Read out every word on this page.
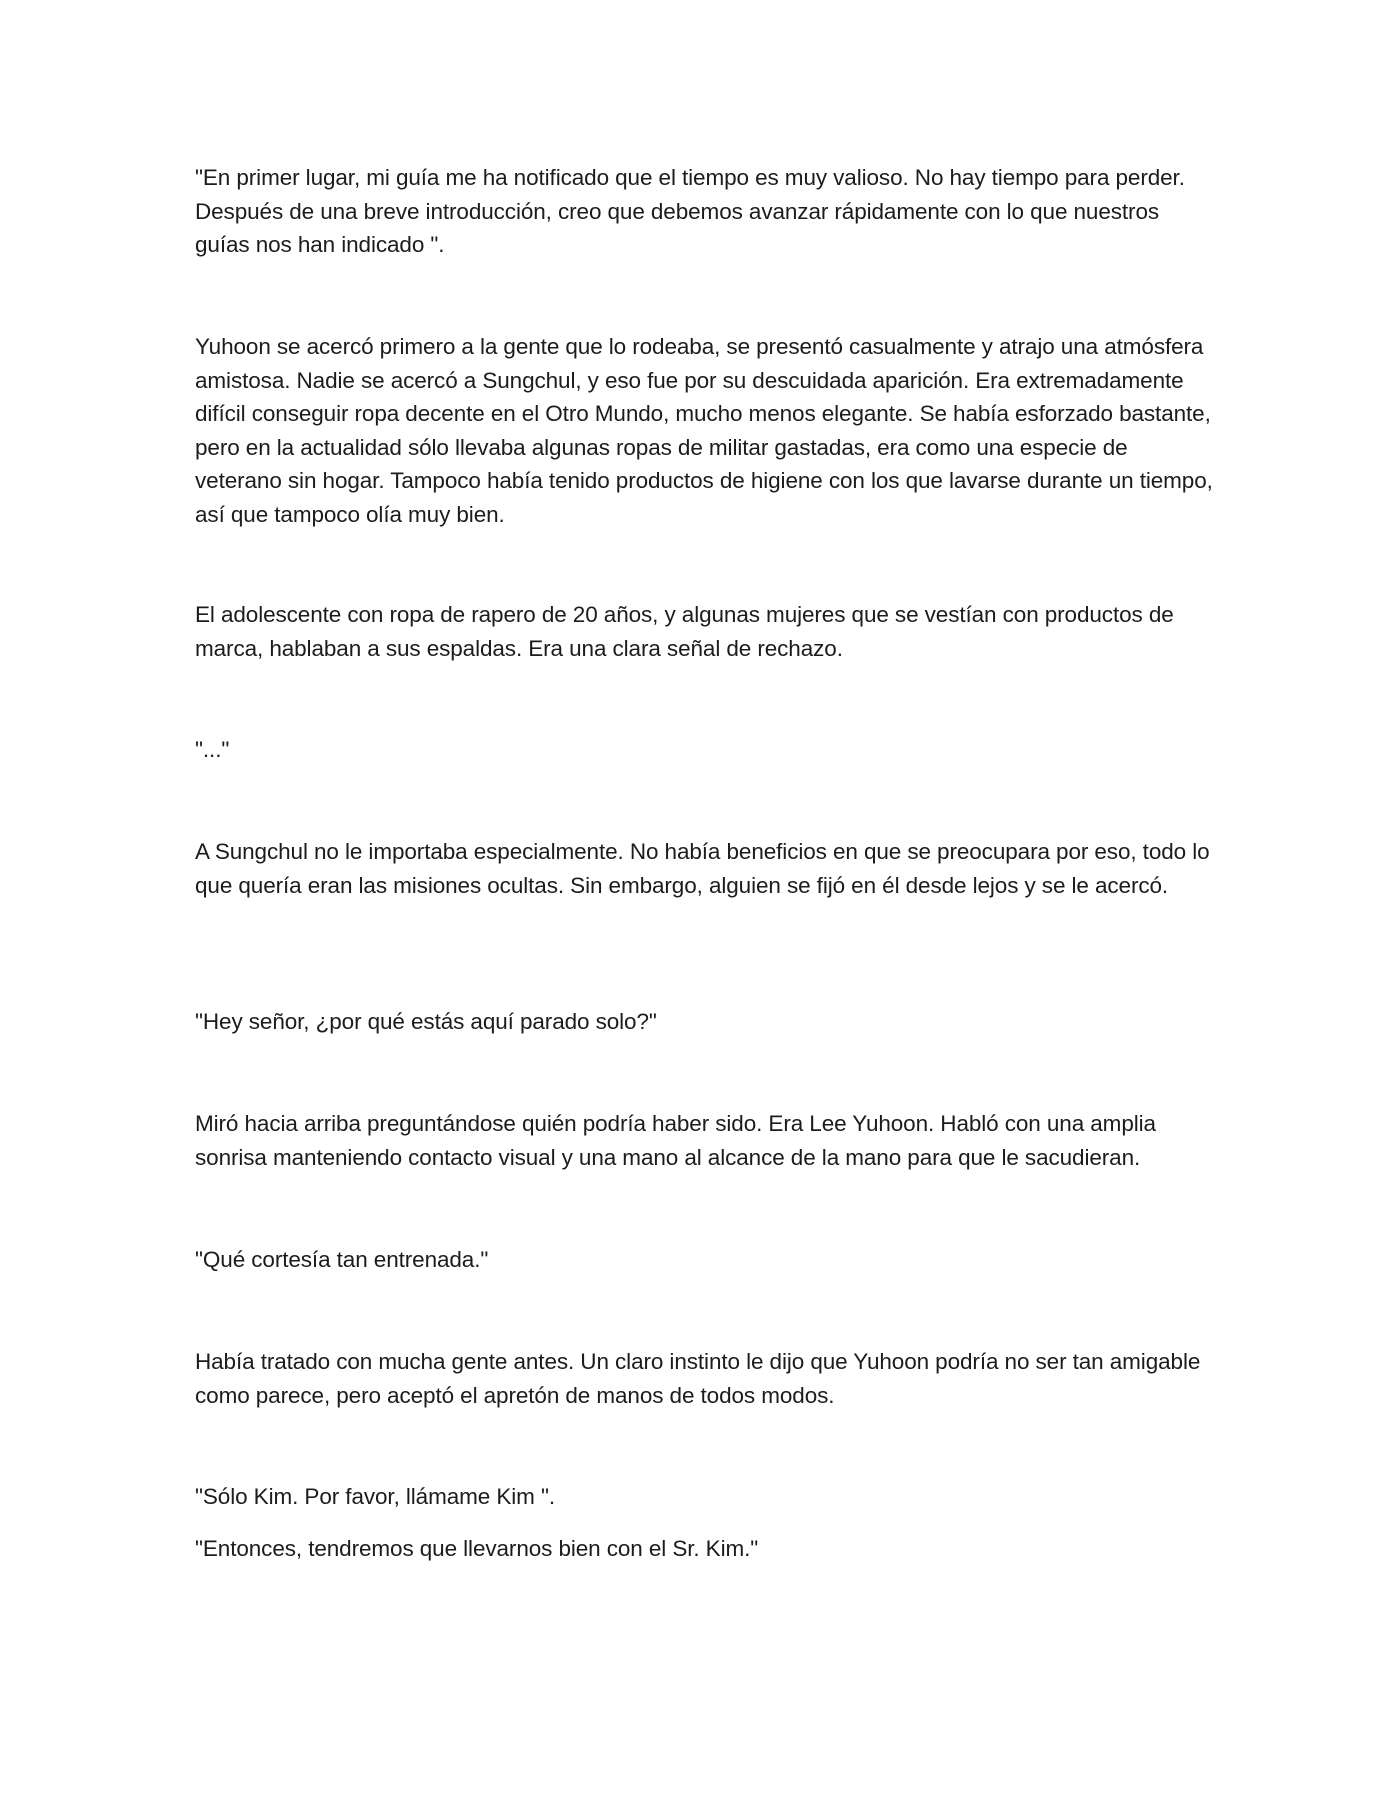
"En primer lugar, mi guía me ha notificado que el tiempo es muy valioso. No hay tiempo para perder. Después de una breve introducción, creo que debemos avanzar rápidamente con lo que nuestros guías nos han indicado ".

Yuhoon se acercó primero a la gente que lo rodeaba, se presentó casualmente y atrajo una atmósfera amistosa. Nadie se acercó a Sungchul, y eso fue por su descuidada aparición. Era extremadamente difícil conseguir ropa decente en el Otro Mundo, mucho menos elegante. Se había esforzado bastante, pero en la actualidad sólo llevaba algunas ropas de militar gastadas, era como una especie de veterano sin hogar. Tampoco había tenido productos de higiene con los que lavarse durante un tiempo, así que tampoco olía muy bien.

El adolescente con ropa de rapero de 20 años, y algunas mujeres que se vestían con productos de marca, hablaban a sus espaldas. Era una clara señal de rechazo.

"..."

A Sungchul no le importaba especialmente. No había beneficios en que se preocupara por eso, todo lo que quería eran las misiones ocultas. Sin embargo, alguien se fijó en él desde lejos y se le acercó.

"Hey señor, ¿por qué estás aquí parado solo?"

Miró hacia arriba preguntándose quién podría haber sido. Era Lee Yuhoon. Habló con una amplia sonrisa manteniendo contacto visual y una mano al alcance de la mano para que le sacudieran.

"Qué cortesía tan entrenada."

Había tratado con mucha gente antes. Un claro instinto le dijo que Yuhoon podría no ser tan amigable como parece, pero aceptó el apretón de manos de todos modos.

"Sólo Kim. Por favor, llámame Kim ".

"Entonces, tendremos que llevarnos bien con el Sr. Kim."
